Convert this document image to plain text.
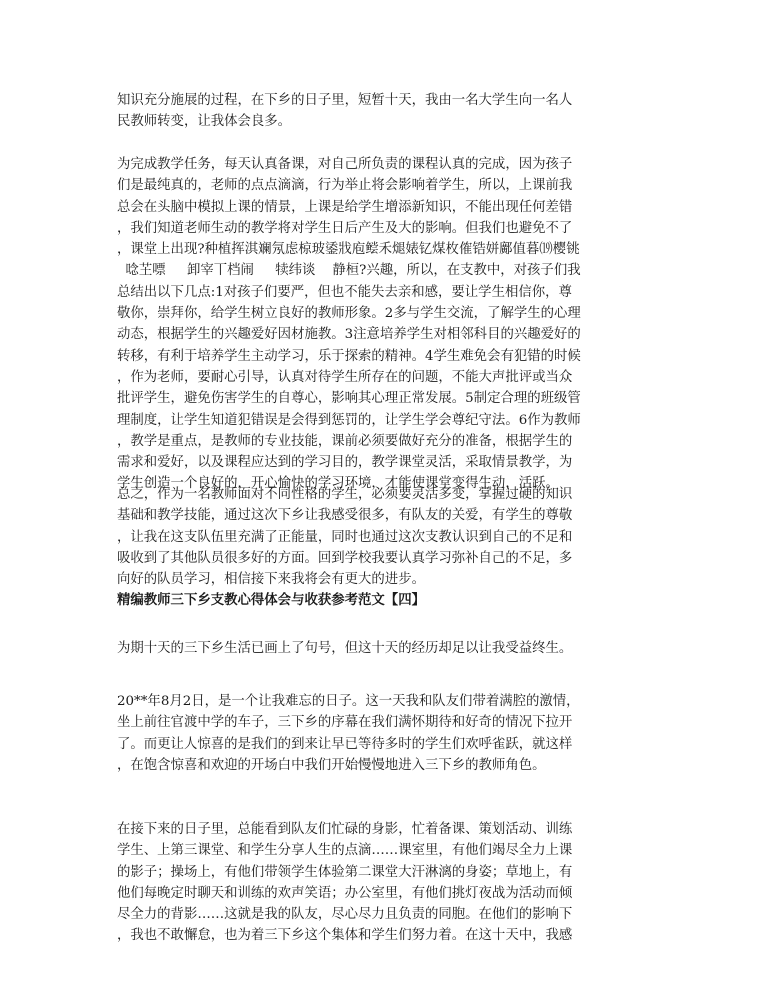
知识充分施展的过程，在下乡的日子里，短暂十天，我由一名大学生向一名人
民教师转变，让我体会良多。
为完成教学任务，每天认真备课，对自己所负责的课程认真的完成，因为孩子
们是最纯真的，老师的点点滴滴，行为举止将会影响着学生，所以，上课前我
总会在头脑中模拟上课的情景，上课是给学生增添新知识，不能出现任何差错
，我们知道老师生动的教学将对学生日后产生及大的影响。但我们也避免不了
，课堂上出现?种植挥淇斓氖虑椋玻鋈戕庖鲿禾煺婊钇煤枚傕锆姘鄺值暮⒆樱铫
唸芏嘌     卸宰丅档闹     犊纬谈    静桓?兴趣，所以，在支教中，对孩子们我
总结出以下几点:1对孩子们要严，但也不能失去亲和感，要让学生相信你，尊
敬你，崇拜你，给学生树立良好的教师形象。2多与学生交流，了解学生的心理
动态，根据学生的兴趣爱好因材施教。3注意培养学生对相邻科目的兴趣爱好的
转移，有利于培养学生主动学习，乐于探索的精神。4学生难免会有犯错的时候
，作为老师，要耐心引导，认真对待学生所存在的问题，不能大声批评或当众
批评学生，避免伤害学生的自尊心，影响其心理正常发展。5制定合理的班级管
理制度，让学生知道犯错误是会得到惩罚的，让学生学会尊纪守法。6作为教师
，教学是重点，是教师的专业技能，课前必须要做好充分的准备，根据学生的
需求和爱好，以及课程应达到的学习目的，教学课堂灵活，采取情景教学，为
学生创造一个良好的，开心愉快的学习环境，才能使课堂变得生动，活跃。
总之，作为一名教师面对不同性格的学生，必须要灵活多变，掌握过硬的知识
基础和教学技能，通过这次下乡让我感受很多，有队友的关爱，有学生的尊敬
，让我在这支队伍里充满了正能量，同时也通过这次支教认识到自己的不足和
吸收到了其他队员很多好的方面。回到学校我要认真学习弥补自己的不足，多
向好的队员学习，相信接下来我将会有更大的进步。
精编教师三下乡支教心得体会与收获参考范文【四】
为期十天的三下乡生活已画上了句号，但这十天的经历却足以让我受益终生。
20**年8月2日，是一个让我难忘的日子。这一天我和队友们带着满腔的激情，
坐上前往官渡中学的车子，三下乡的序幕在我们满怀期待和好奇的情况下拉开
了。而更让人惊喜的是我们的到来让早已等待多时的学生们欢呼雀跃，就这样
，在饱含惊喜和欢迎的开场白中我们开始慢慢地进入三下乡的教师角色。
在接下来的日子里，总能看到队友们忙碌的身影，忙着备课、策划活动、训练
学生、上第三课堂、和学生分享人生的点滴……课室里，有他们竭尽全力上课
的影子；操场上，有他们带领学生体验第二课堂大汗淋漓的身姿；草地上，有
他们每晚定时聊天和训练的欢声笑语；办公室里，有他们挑灯夜战为活动而倾
尽全力的背影……这就是我的队友，尽心尽力且负责的同胞。在他们的影响下
，我也不敢懈怠，也为着三下乡这个集体和学生们努力着。在这十天中，我感
